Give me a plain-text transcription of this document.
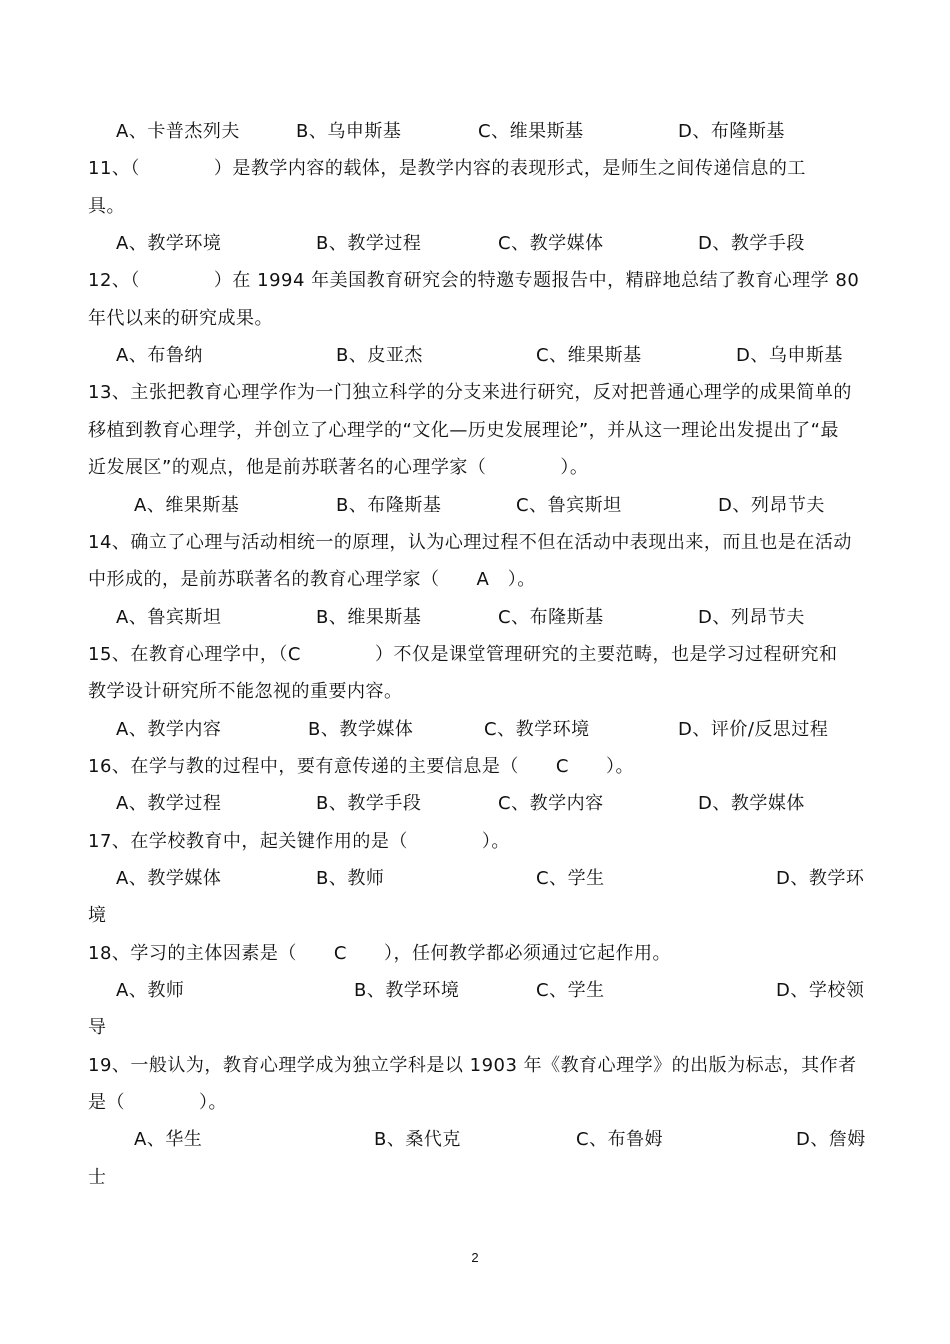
A、卡普杰列夫	B、乌申斯基	C、维果斯基	D、布隆斯基
11、（　　　　）是教学内容的载体，是教学内容的表现形式，是师生之间传递信息的工
具。
A、教学环境	B、教学过程	C、教学媒体	D、教学手段
12、（　　　　）在 1994 年美国教育研究会的特邀专题报告中，精辟地总结了教育心理学 80
年代以来的研究成果。
A、布鲁纳	B、皮亚杰	C、维果斯基	D、乌申斯基
13、主张把教育心理学作为一门独立科学的分支来进行研究，反对把普通心理学的成果简单的
移植到教育心理学，并创立了心理学的“文化—历史发展理论”，并从这一理论出发提出了“最
近发展区”的观点，他是前苏联著名的心理学家（　　　　）。
A、维果斯基	B、布隆斯基	C、鲁宾斯坦	D、列昂节夫
14、确立了心理与活动相统一的原理，认为心理过程不但在活动中表现出来，而且也是在活动
中形成的，是前苏联著名的教育心理学家（　　A　）。
A、鲁宾斯坦	B、维果斯基	C、布隆斯基	D、列昂节夫
15、在教育心理学中，（C　　　　）不仅是课堂管理研究的主要范畴，也是学习过程研究和
教学设计研究所不能忽视的重要内容。
A、教学内容	B、教学媒体	C、教学环境	D、评价/反思过程
16、在学与教的过程中，要有意传递的主要信息是（　　C　　）。
A、教学过程	B、教学手段	C、教学内容	D、教学媒体
17、在学校教育中，起关键作用的是（　　　　）。
A、教学媒体	B、教师	C、学生	D、教学环
境
18、学习的主体因素是（　　C　　），任何教学都必须通过它起作用。
A、教师	B、教学环境	C、学生	D、学校领
导
19、一般认为，教育心理学成为独立学科是以 1903 年《教育心理学》的出版为标志，其作者
是（　　　　）。
A、华生	B、桑代克	C、布鲁姆	D、詹姆
士
2
